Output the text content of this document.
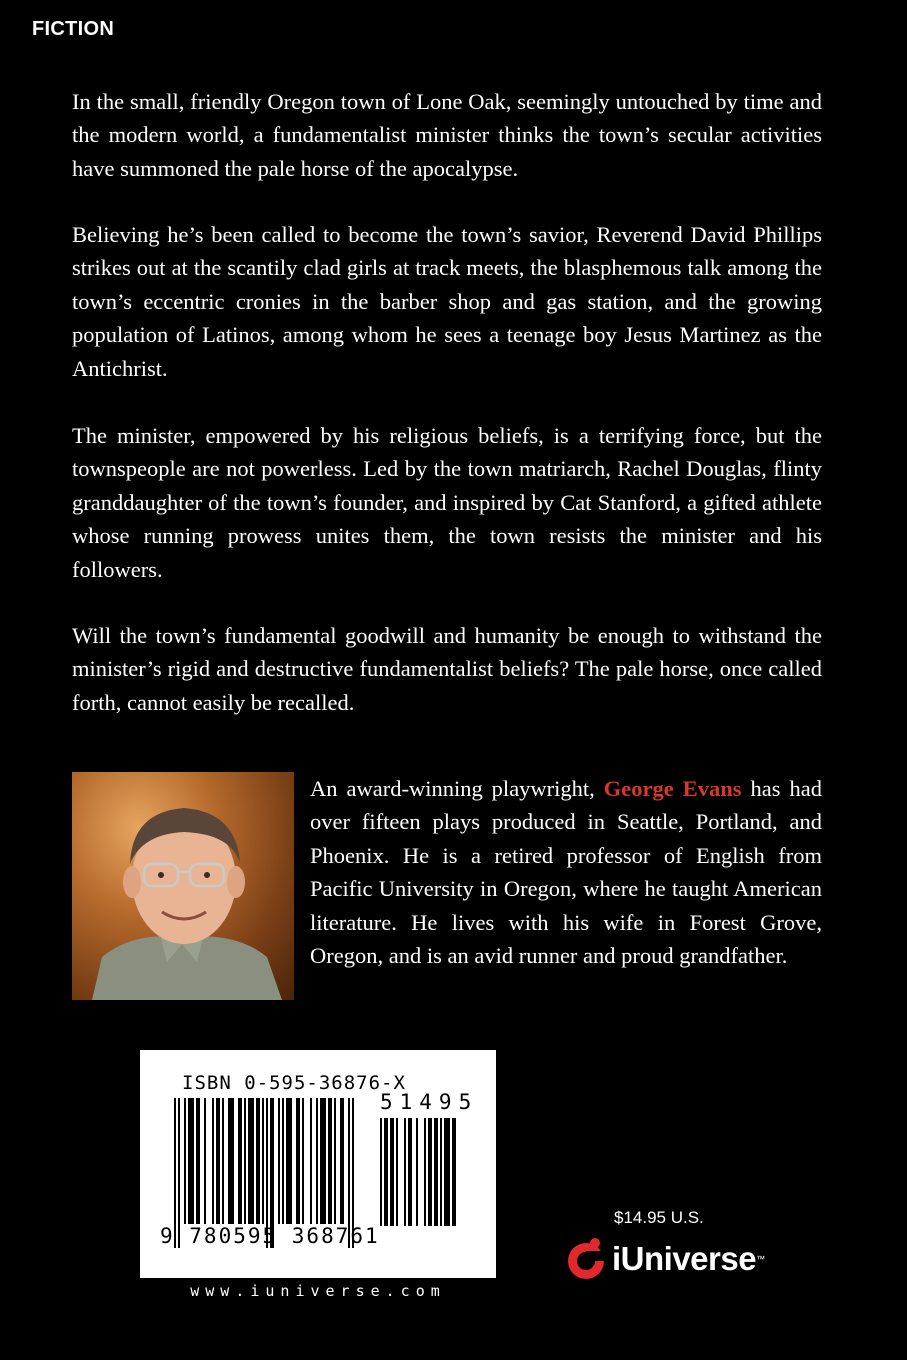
FICTION

In the small, friendly Oregon town of Lone Oak, seemingly untouched by time and the modern world, a fundamentalist minister thinks the town’s secular activities have summoned the pale horse of the apocalypse.

Believing he’s been called to become the town’s savior, Reverend David Phillips strikes out at the scantily clad girls at track meets, the blasphemous talk among the town’s eccentric cronies in the barber shop and gas station, and the growing population of Latinos, among whom he sees a teenage boy Jesus Martinez as the Antichrist.

The minister, empowered by his religious beliefs, is a terrifying force, but the townspeople are not powerless. Led by the town matriarch, Rachel Douglas, flinty granddaughter of the town’s founder, and inspired by Cat Stanford, a gifted athlete whose running prowess unites them, the town resists the minister and his followers.

Will the town’s fundamental goodwill and humanity be enough to withstand the minister’s rigid and destructive fundamentalist beliefs? The pale horse, once called forth, cannot easily be recalled.

An award-winning playwright, George Evans has had over fifteen plays produced in Seattle, Portland, and Phoenix. He is a retired professor of English from Pacific University in Oregon, where he taught American literature. He lives with his wife in Forest Grove, Oregon, and is an avid runner and proud grandfather.

ISBN 0-595-36876-X
51495
9 780595 368761
www.iuniverse.com
$14.95 U.S.
iUniverse ™
